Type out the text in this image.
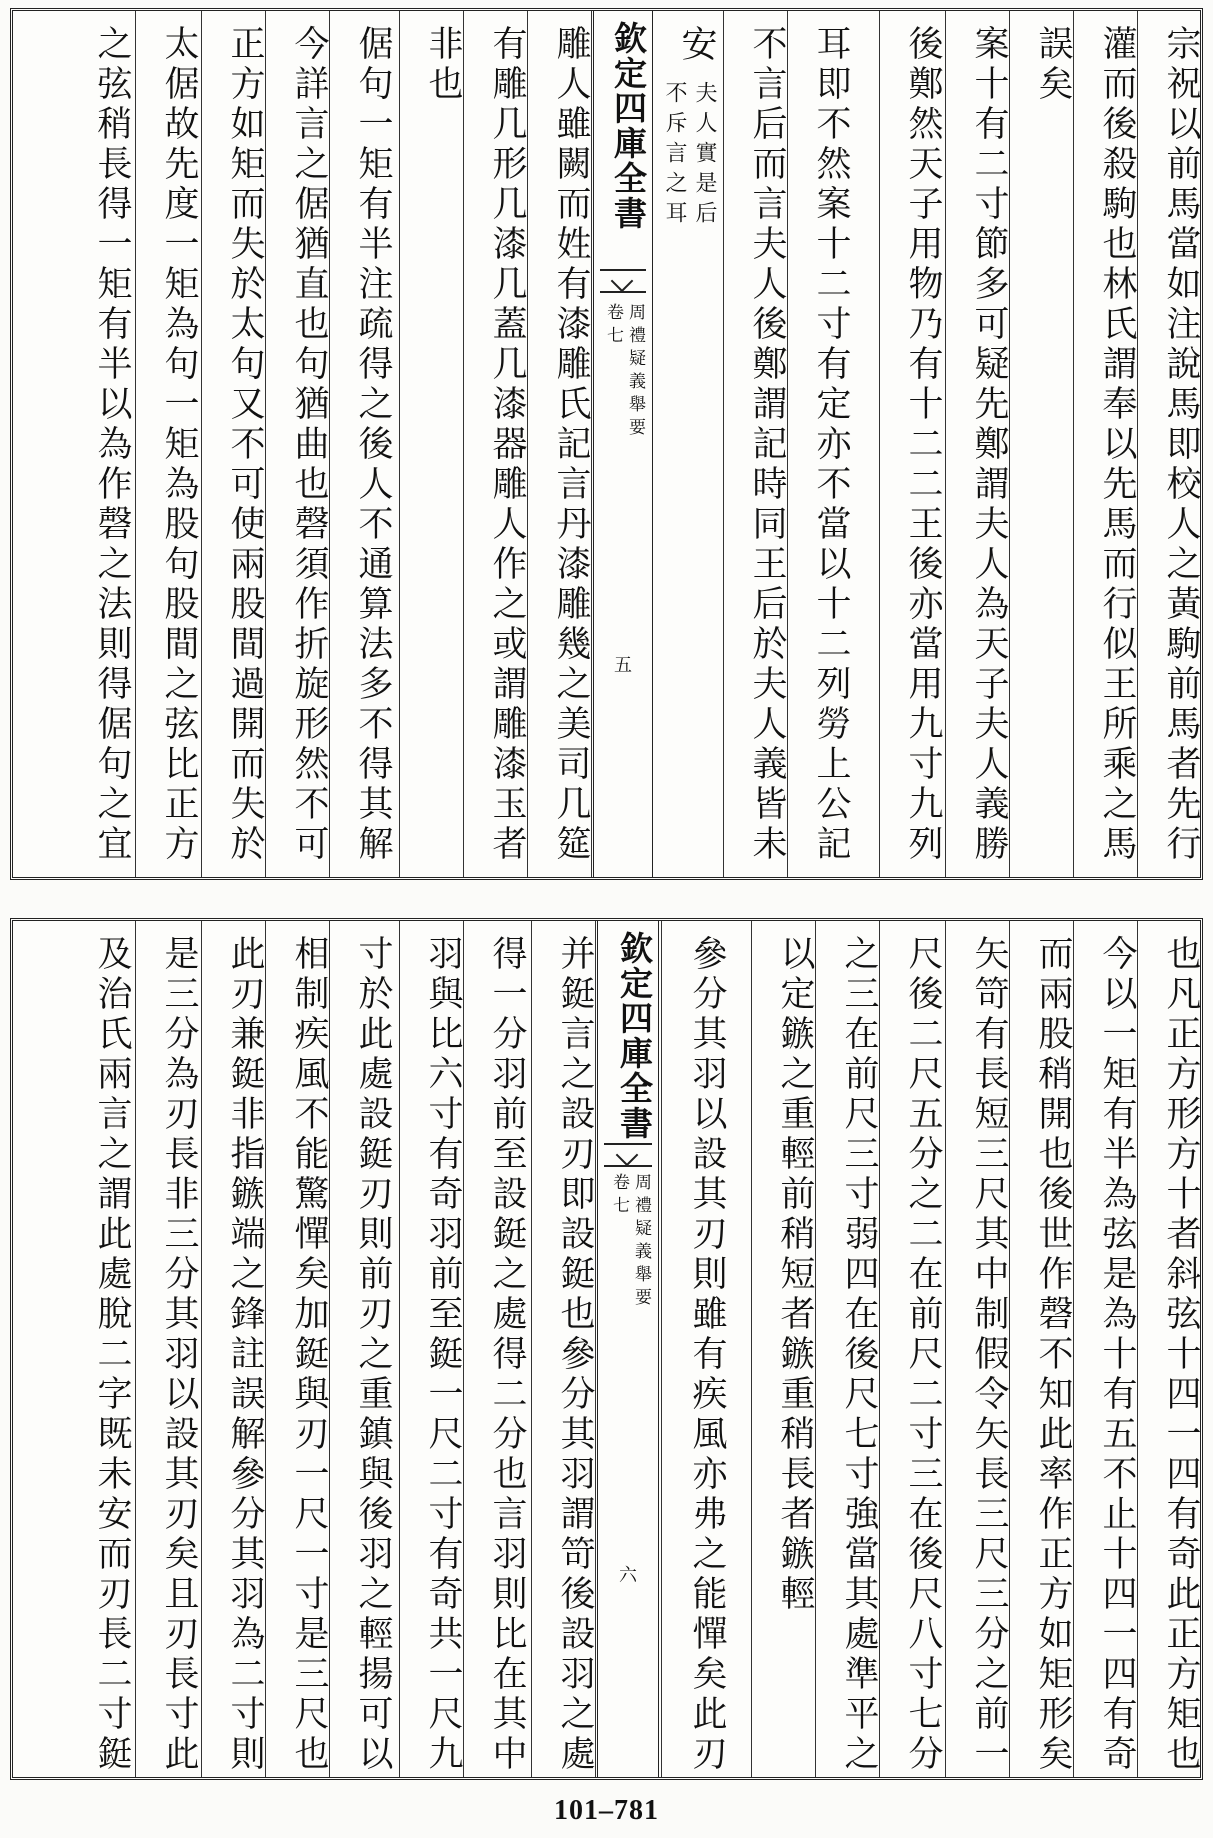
宗祝以前馬當如注說馬即校人之黃駒前馬者先行
灌而後殺駒也林氏謂奉以先馬而行似王所乘之馬
誤矣
案十有二寸節多可疑先鄭謂夫人為天子夫人義勝
後鄭然天子用物乃有十二二王後亦當用九寸九列
耳即不然案十二寸有定亦不當以十二列勞上公記
不言后而言夫人後鄭謂記時同王后於夫人義皆未
安
夫人實是后
不斥言之耳
欽定四庫全書
周禮疑義舉要
卷七
五
雕人雖闕而姓有漆雕氏記言丹漆雕幾之美司几筵
有雕几形几漆几蓋几漆器雕人作之或謂雕漆玉者
非也
倨句一矩有半注疏得之後人不通算法多不得其解
今詳言之倨猶直也句猶曲也磬須作折旋形然不可
正方如矩而失於太句又不可使兩股間過開而失於
太倨故先度一矩為句一矩為股句股間之弦比正方
之弦稍長得一矩有半以為作磬之法則得倨句之宜
也凡正方形方十者斜弦十四一四有奇此正方矩也
今以一矩有半為弦是為十有五不止十四一四有奇
而兩股稍開也後世作磬不知此率作正方如矩形矣
矢笴有長短三尺其中制假令矢長三尺三分之前一
尺後二尺五分之二在前尺二寸三在後尺八寸七分
之三在前尺三寸弱四在後尺七寸強當其處準平之
以定鏃之重輕前稍短者鏃重稍長者鏃輕
參分其羽以設其刃則雖有疾風亦弗之能憚矣此刃
欽定四庫全書
周禮疑義舉要
卷七
六
并鋌言之設刃即設鋌也參分其羽謂笴後設羽之處
得一分羽前至設鋌之處得二分也言羽則比在其中
羽與比六寸有奇羽前至鋌一尺二寸有奇共一尺九
寸於此處設鋌刃則前刃之重鎮與後羽之輕揚可以
相制疾風不能驚憚矣加鋌與刃一尺一寸是三尺也
此刃兼鋌非指鏃端之鋒註誤解參分其羽為二寸則
是三分為刃長非三分其羽以設其刃矣且刃長寸此
及治氏兩言之謂此處脫二字既未安而刃長二寸鋌
101–781
